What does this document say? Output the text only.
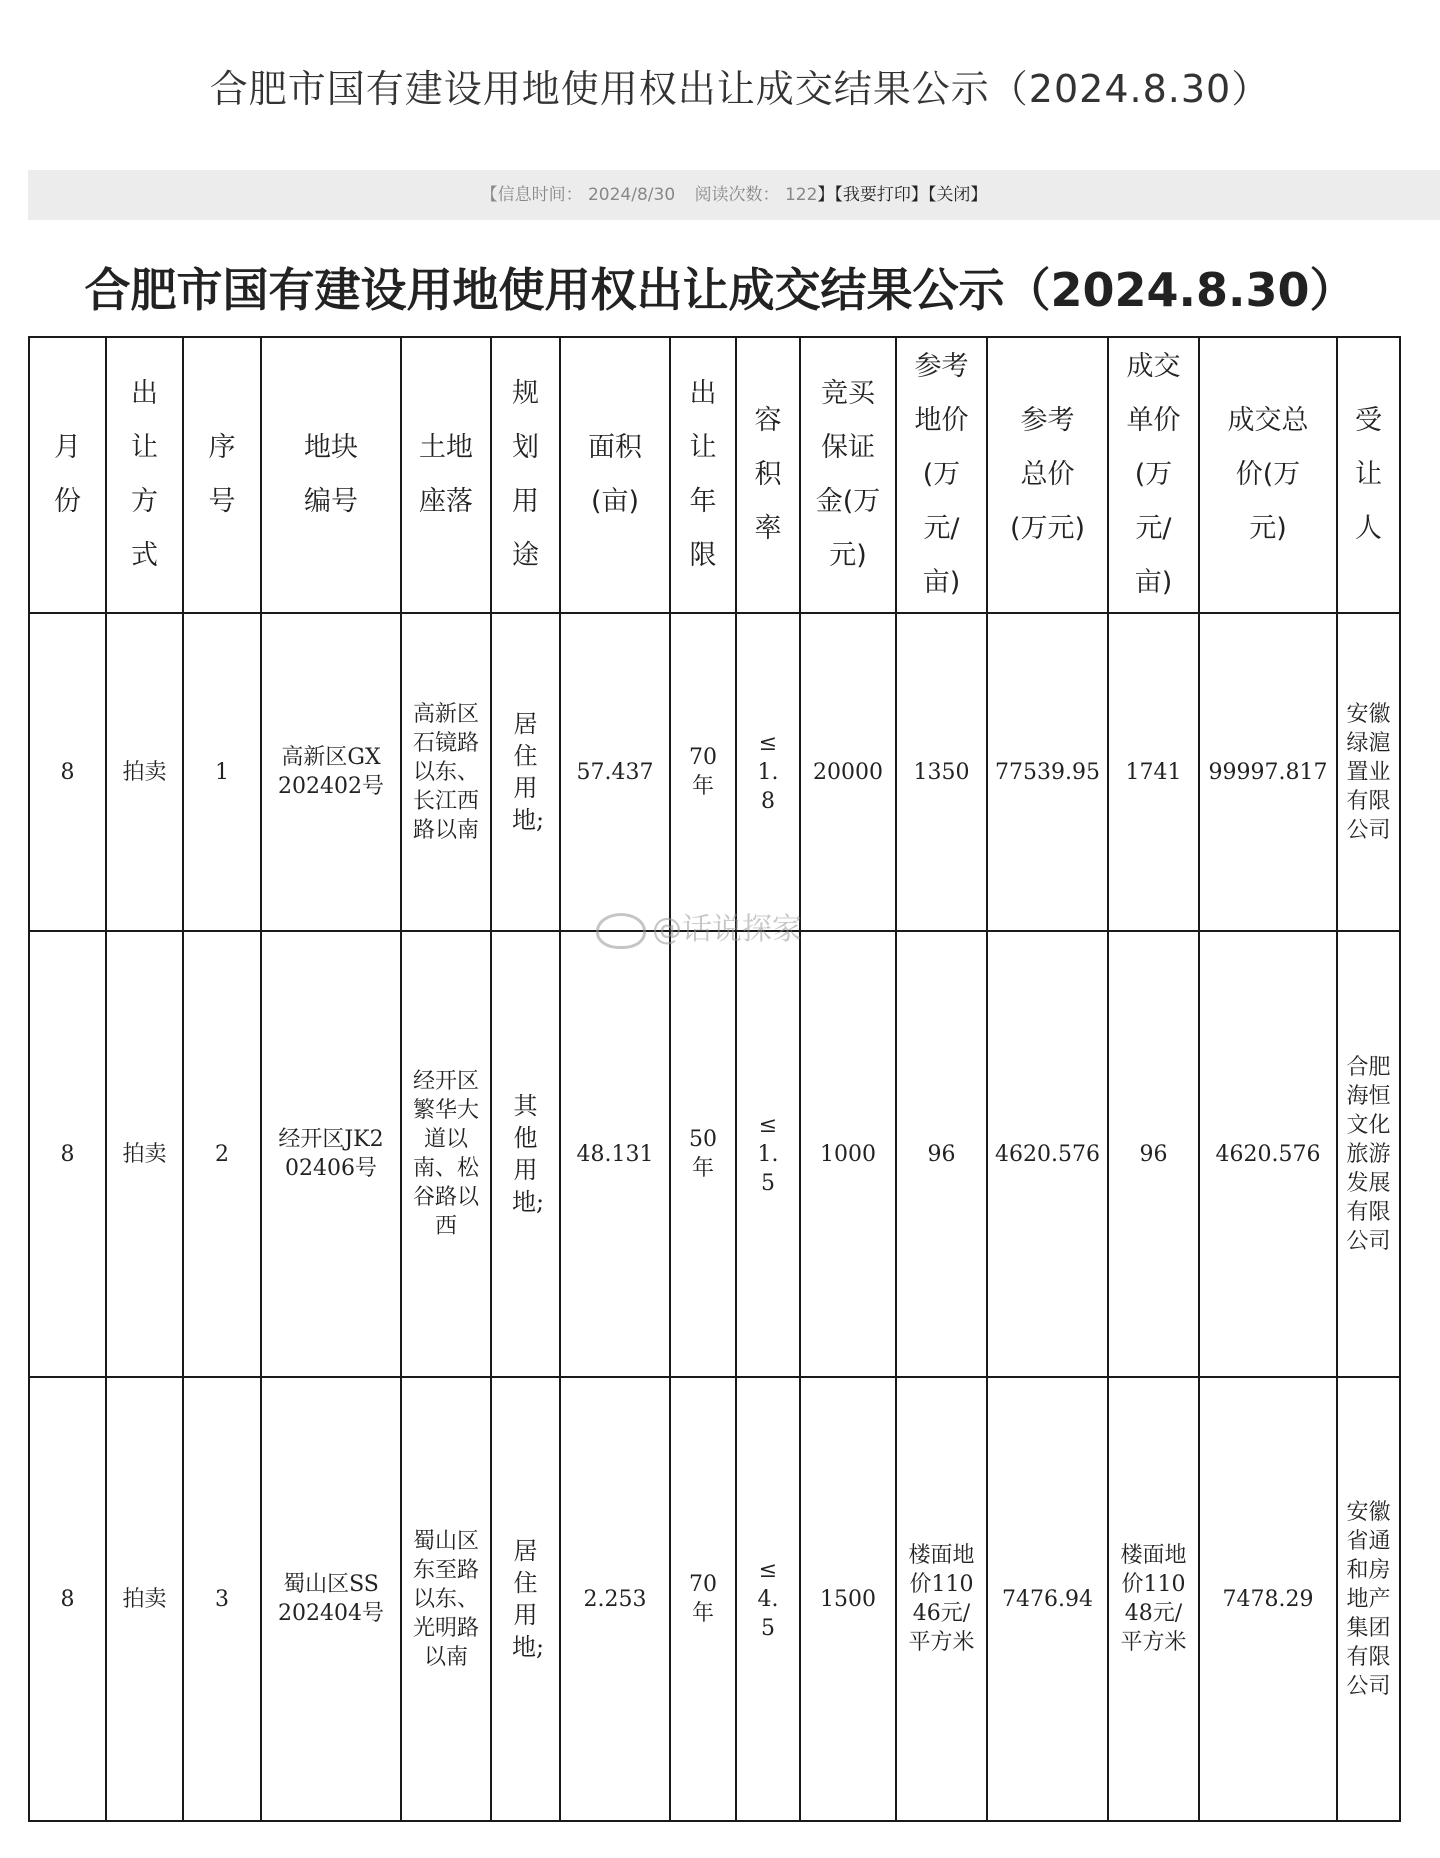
合肥市国有建设用地使用权出让成交结果公示（2024.8.30）
【信息时间： 2024/8/30 阅读次数： 122】【我要打印】【关闭】
合肥市国有建设用地使用权出让成交结果公示（2024.8.30）
月份	出让方式	序号	地块编号	土地座落	规划用途	面积(亩)	出让年限	容积率	竞买保证金(万元)	参考地价(万元/亩)	参考总价(万元)	成交单价(万元/亩)	成交总价(万元)	受让人
8	拍卖	1	高新区GX202402号	高新区石镜路以东、长江西路以南	居住用地;	57.437	70年	≤1.8	20000	1350	77539.95	1741	99997.817	安徽绿滬置业有限公司
8	拍卖	2	经开区JK202406号	经开区繁华大道以南、松谷路以西	其他用地;	48.131	50年	≤1.5	1000	96	4620.576	96	4620.576	合肥海恒文化旅游发展有限公司
8	拍卖	3	蜀山区SS202404号	蜀山区东至路以东、光明路以南	居住用地;	2.253	70年	≤4.5	1500	楼面地价11046元/平方米	7476.94	楼面地价11048元/平方米	7478.29	安徽省通和房地产集团有限公司
@话说探家
